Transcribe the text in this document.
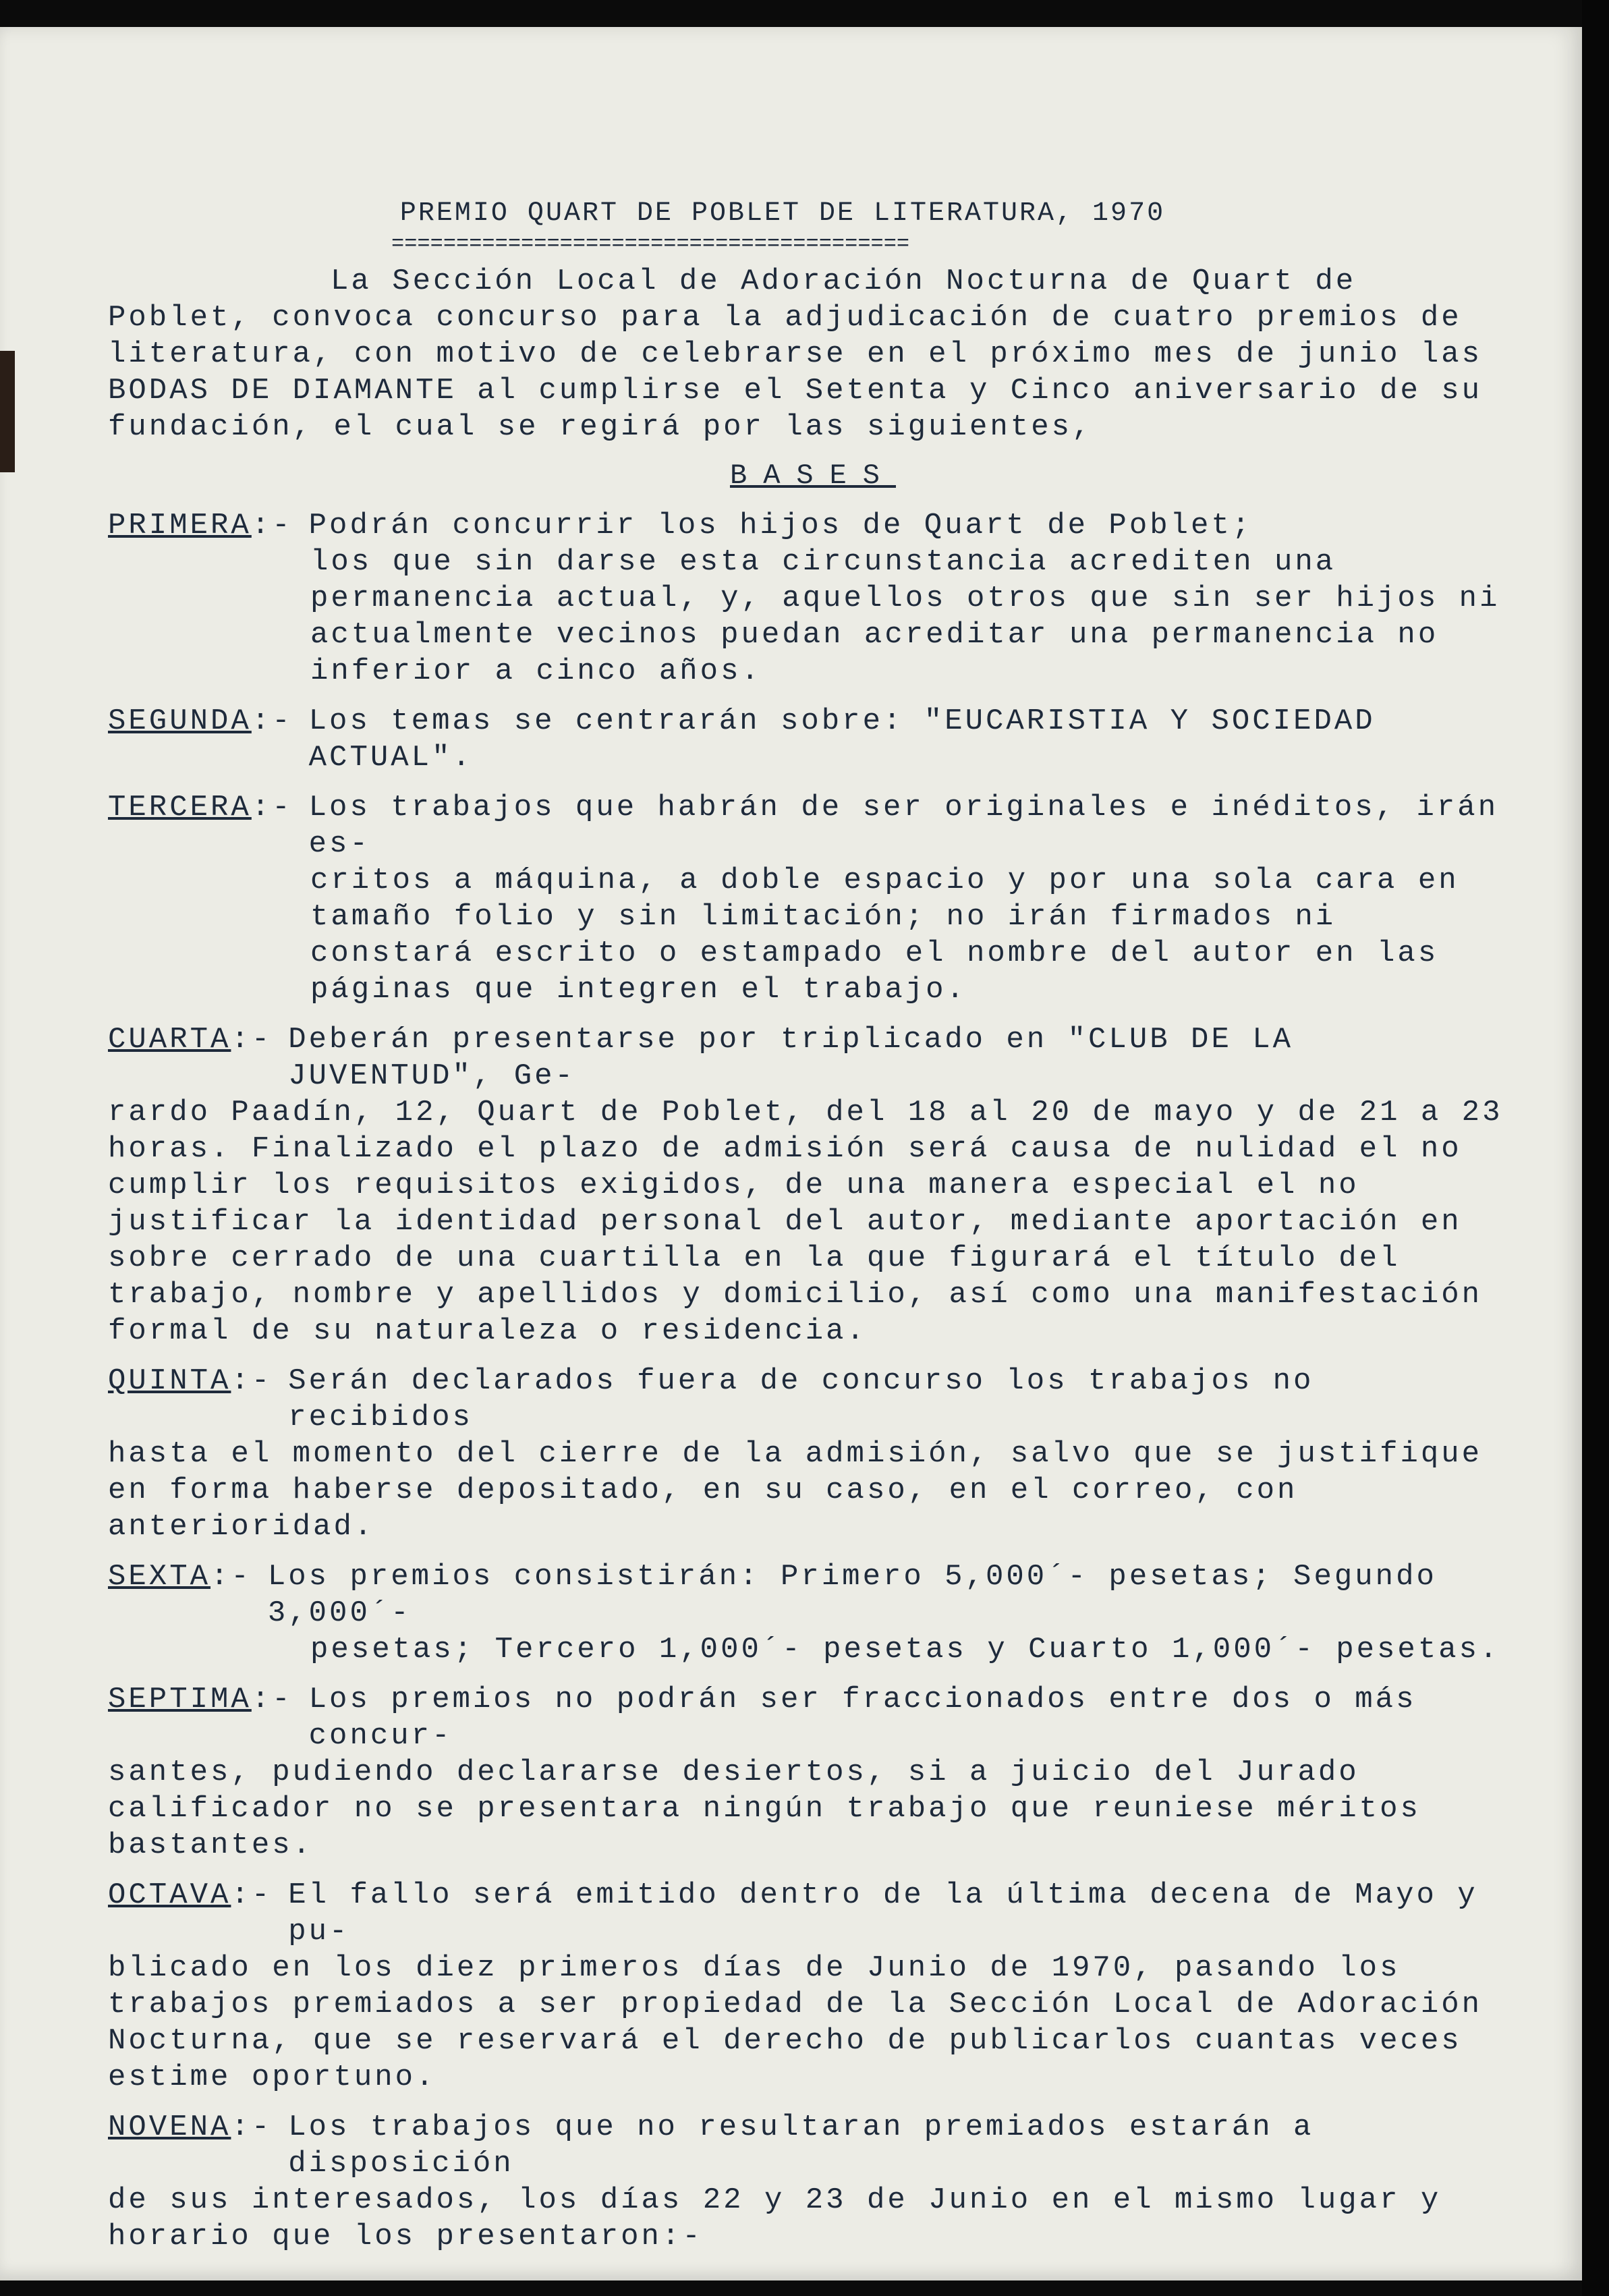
PREMIO QUART DE POBLET DE LITERATURA, 1970
========================================

La Sección Local de Adoración Nocturna de Quart de Poblet, convoca concurso para la adjudicación de cuatro premios de literatura, con motivo de celebrarse en el próximo mes de junio las BODAS DE DIAMANTE al cumplirse el Setenta y Cinco aniversario de su fundación, el cual se regirá por las siguientes,

BASES
PRIMERA :- Podrán concurrir los hijos de Quart de Poblet;

los que sin darse esta circunstancia acrediten una permanencia actual, y, aquellos otros que sin ser hijos ni actualmente vecinos puedan acreditar una permanencia no inferior a cinco años.

SEGUNDA :- Los temas se centrarán sobre: "EUCARISTIA Y SOCIEDAD ACTUAL".
TERCERA :- Los trabajos que habrán de ser originales e inéditos, irán es-

critos a máquina, a doble espacio y por una sola cara en tamaño folio y sin limitación; no irán firmados ni constará escrito o estampado el nombre del autor en las páginas que integren el trabajo.

CUARTA :- Deberán presentarse por triplicado en "CLUB DE LA JUVENTUD", Ge-

rardo Paadín, 12, Quart de Poblet, del 18 al 20 de mayo y de 21 a 23 horas. Finalizado el plazo de admisión será causa de nulidad el no cumplir los requisitos exigidos, de una manera especial el no justificar la identidad personal del autor, mediante aportación en sobre cerrado de una cuartilla en la que figurará el título del trabajo, nombre y apellidos y domicilio, así como una manifestación formal de su naturaleza o residencia.

QUINTA :- Serán declarados fuera de concurso los trabajos no recibidos

hasta el momento del cierre de la admisión, salvo que se justifique en forma haberse depositado, en su caso, en el correo, con anterioridad.

SEXTA :- Los premios consistirán: Primero 5,000´- pesetas; Segundo 3,000´-

pesetas; Tercero 1,000´- pesetas y Cuarto 1,000´- pesetas.

SEPTIMA :- Los premios no podrán ser fraccionados entre dos o más concur-

santes, pudiendo declararse desiertos, si a juicio del Jurado calificador no se presentara ningún trabajo que reuniese méritos bastantes.

OCTAVA :- El fallo será emitido dentro de la última decena de Mayo y pu-

blicado en los diez primeros días de Junio de 1970, pasando los trabajos premiados a ser propiedad de la Sección Local de Adoración Nocturna, que se reservará el derecho de publicarlos cuantas veces estime oportuno.

NOVENA :- Los trabajos que no resultaran premiados estarán a disposición

de sus interesados, los días 22 y 23 de Junio en el mismo lugar y horario que los presentaron:-
